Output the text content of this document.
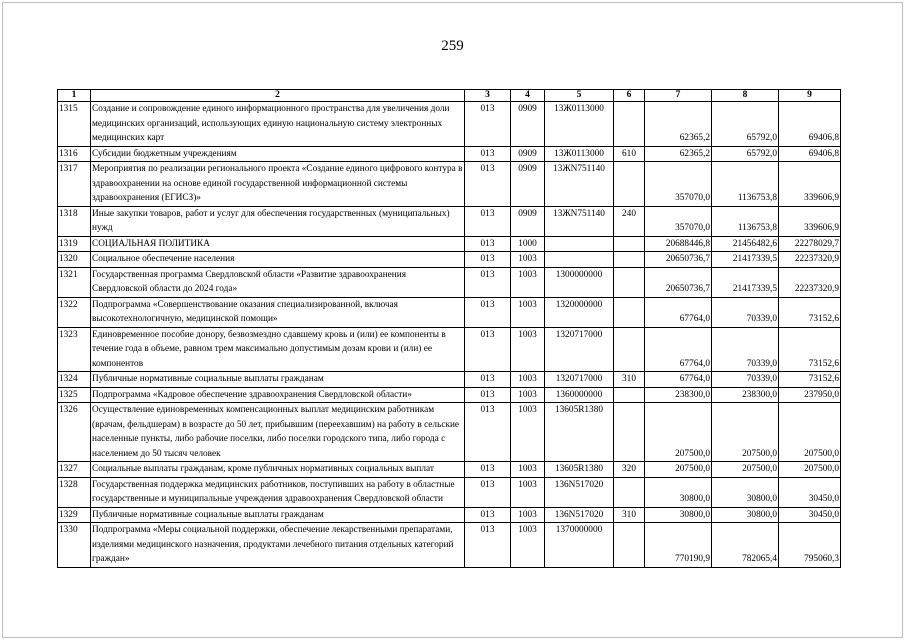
259
1	2	3	4	5	6	7	8	9
1315	Создание и сопровождение единого информационного пространства для увеличения доли медицинских организаций, использующих единую национальную систему электронных медицинских карт	013	0909	13Ж0113000		62365,2	65792,0	69406,8
1316	Субсидии бюджетным учреждениям	013	0909	13Ж0113000	610	62365,2	65792,0	69406,8
1317	Мероприятия по реализации регионального проекта «Создание единого цифрового контура в здравоохранении на основе единой государственной информационной системы здравоохранения (ЕГИСЗ)»	013	0909	13ЖN751140		357070,0	1136753,8	339606,9
1318	Иные закупки товаров, работ и услуг для обеспечения государственных (муниципальных) нужд	013	0909	13ЖN751140	240	357070,0	1136753,8	339606,9
1319	СОЦИАЛЬНАЯ ПОЛИТИКА	013	1000			20688446,8	21456482,6	22278029,7
1320	Социальное обеспечение населения	013	1003			20650736,7	21417339,5	22237320,9
1321	Государственная программа Свердловской области «Развитие здравоохранения Свердловской области до 2024 года»	013	1003	1300000000		20650736,7	21417339,5	22237320,9
1322	Подпрограмма «Совершенствование оказания специализированной, включая высокотехнологичную, медицинской помощи»	013	1003	1320000000		67764,0	70339,0	73152,6
1323	Единовременное пособие донору, безвозмездно сдавшему кровь и (или) ее компоненты в течение года в объеме, равном трем максимально допустимым дозам крови и (или) ее компонентов	013	1003	1320717000		67764,0	70339,0	73152,6
1324	Публичные нормативные социальные выплаты гражданам	013	1003	1320717000	310	67764,0	70339,0	73152,6
1325	Подпрограмма «Кадровое обеспечение здравоохранения Свердловской области»	013	1003	1360000000		238300,0	238300,0	237950,0
1326	Осуществление единовременных компенсационных выплат медицинским работникам (врачам, фельдшерам) в возрасте до 50 лет, прибывшим (переехавшим) на работу в сельские населенные пункты, либо рабочие поселки, либо поселки городского типа, либо города с населением до 50 тысяч человек	013	1003	13605R1380		207500,0	207500,0	207500,0
1327	Социальные выплаты гражданам, кроме публичных нормативных социальных выплат	013	1003	13605R1380	320	207500,0	207500,0	207500,0
1328	Государственная поддержка медицинских работников, поступивших на работу в областные государственные и муниципальные учреждения здравоохранения Свердловской области	013	1003	136N517020		30800,0	30800,0	30450,0
1329	Публичные нормативные социальные выплаты гражданам	013	1003	136N517020	310	30800,0	30800,0	30450,0
1330	Подпрограмма «Меры социальной поддержки, обеспечение лекарственными препаратами, изделиями медицинского назначения, продуктами лечебного питания отдельных категорий граждан»	013	1003	1370000000		770190,9	782065,4	795060,3
